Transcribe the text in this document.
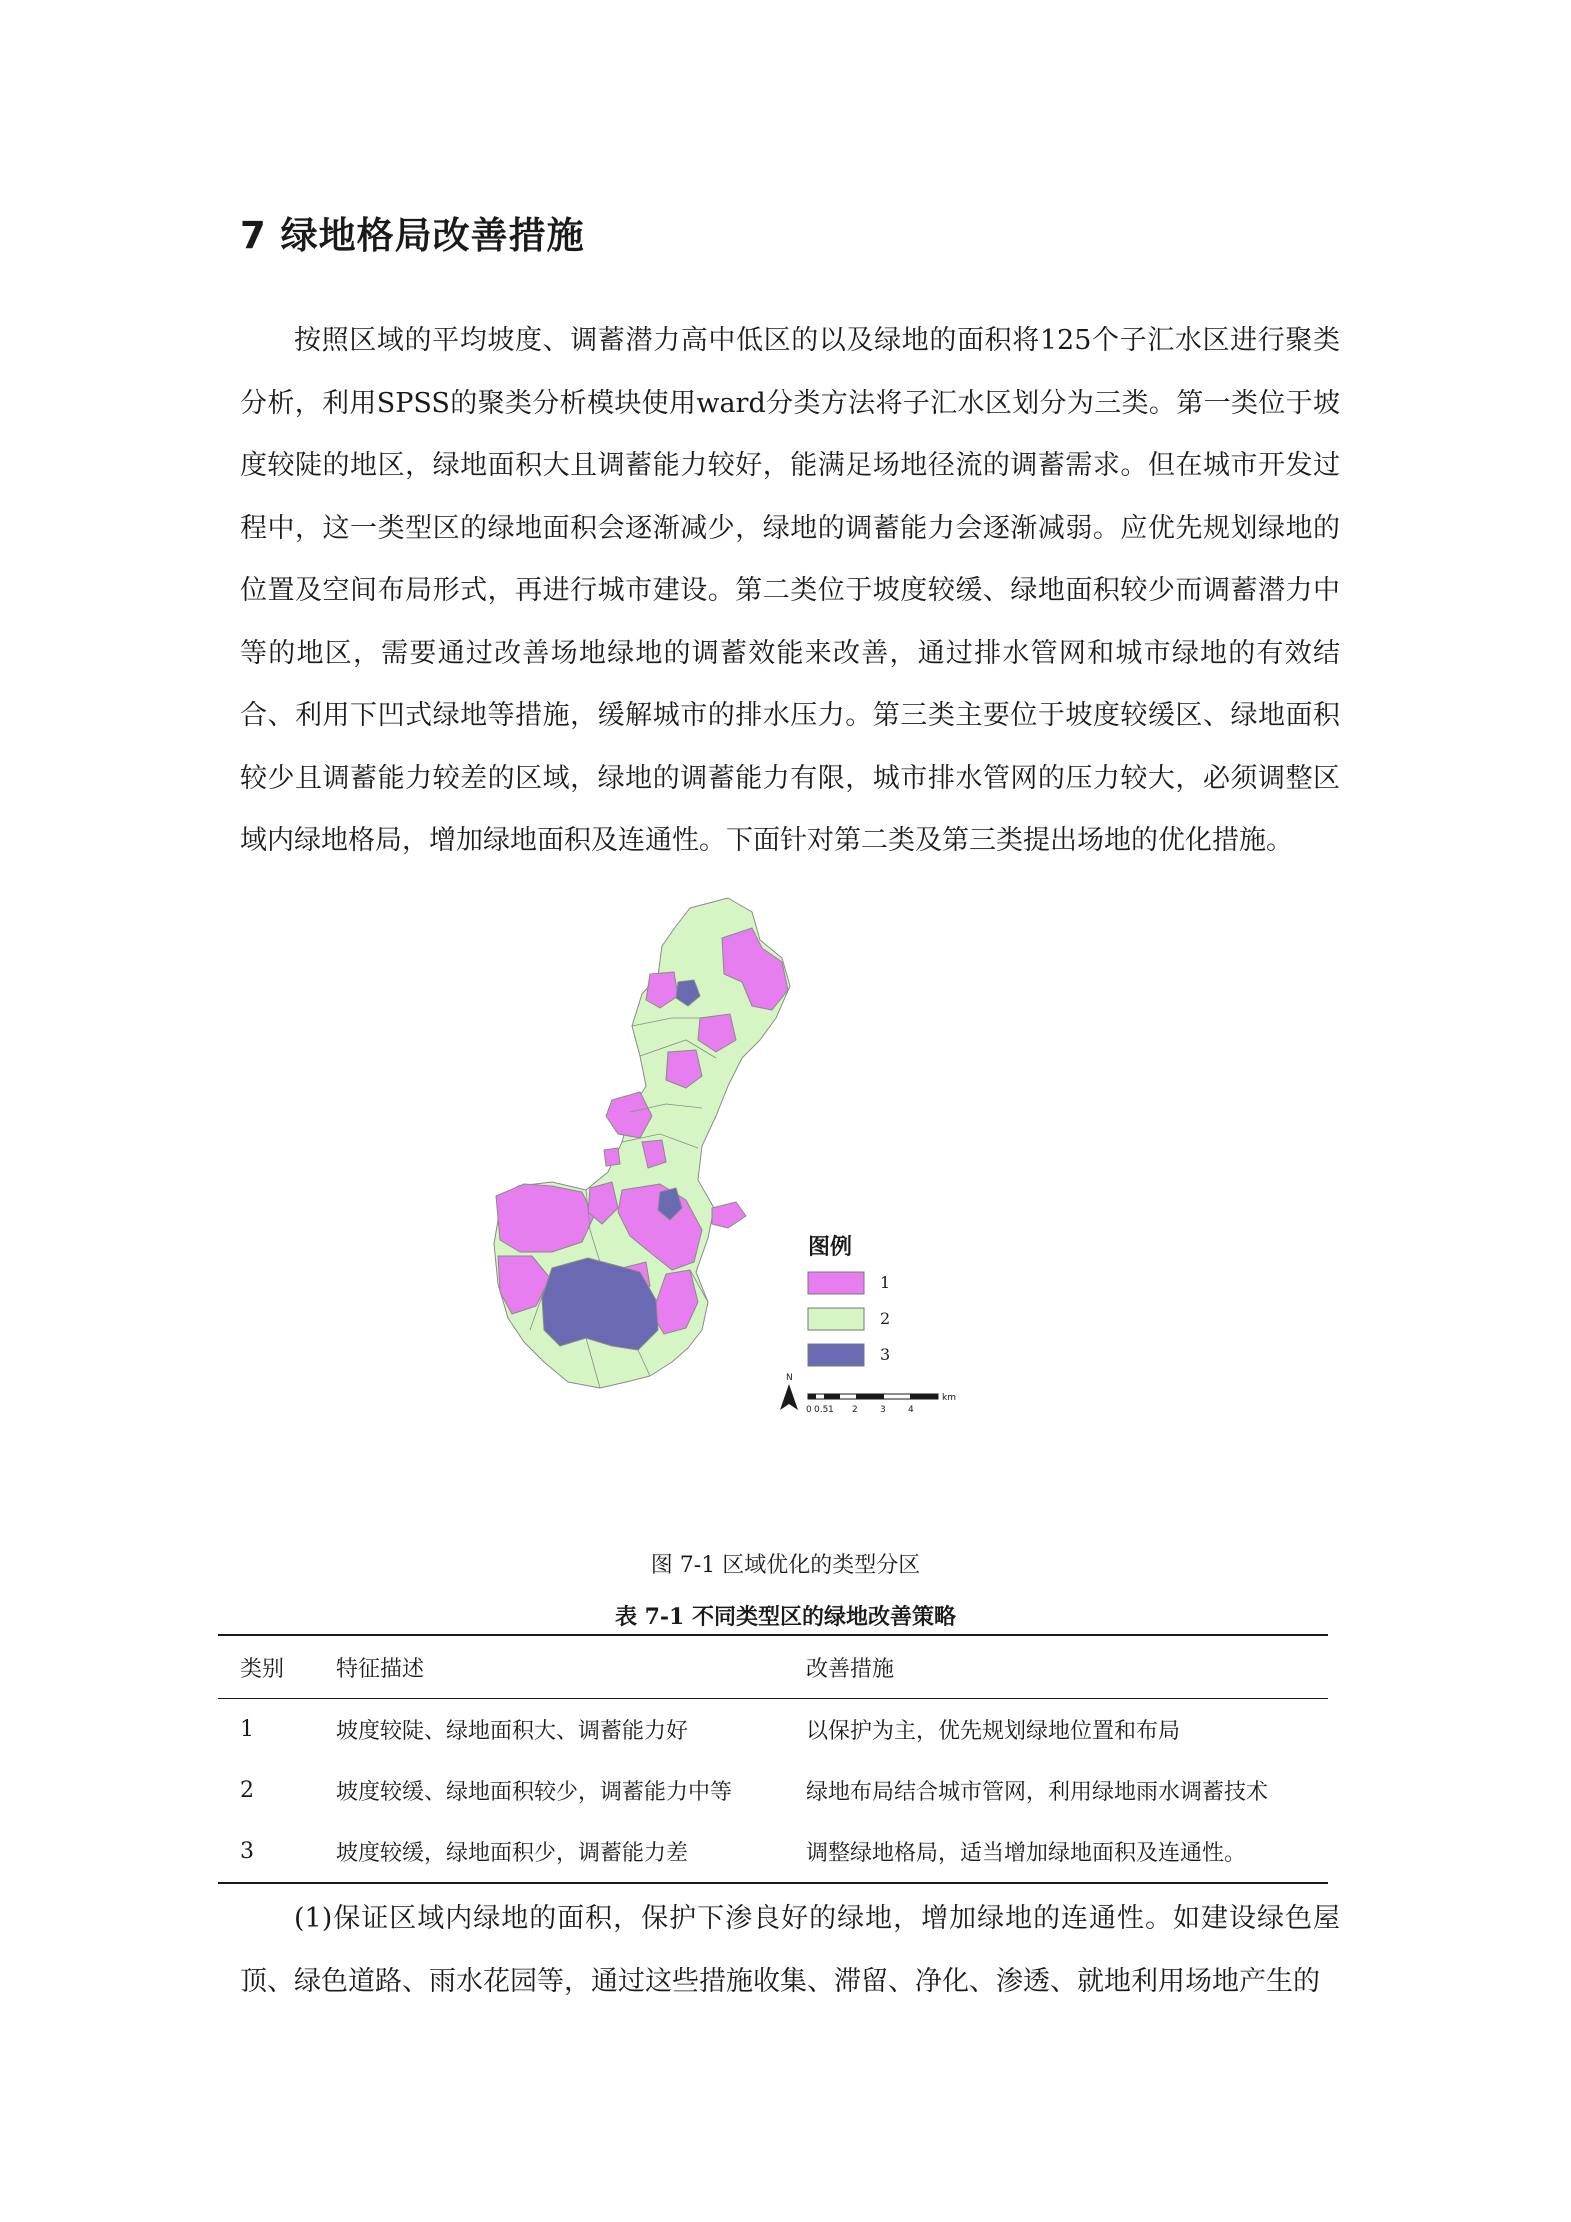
7 绿地格局改善措施

按照区域的平均坡度、调蓄潜力高中低区的以及绿地的面积将125个子汇水区进行聚类分析，利用SPSS的聚类分析模块使用ward分类方法将子汇水区划分为三类。第一类位于坡度较陡的地区，绿地面积大且调蓄能力较好，能满足场地径流的调蓄需求。但在城市开发过程中，这一类型区的绿地面积会逐渐减少，绿地的调蓄能力会逐渐减弱。应优先规划绿地的位置及空间布局形式，再进行城市建设。第二类位于坡度较缓、绿地面积较少而调蓄潜力中等的地区，需要通过改善场地绿地的调蓄效能来改善，通过排水管网和城市绿地的有效结合、利用下凹式绿地等措施，缓解城市的排水压力。第三类主要位于坡度较缓区、绿地面积较少且调蓄能力较差的区域，绿地的调蓄能力有限，城市排水管网的压力较大，必须调整区域内绿地格局，增加绿地面积及连通性。下面针对第二类及第三类提出场地的优化措施。

图例
1
2
3
N
km
0 0.5 1 2 3 4
图 7-1 区域优化的类型分区
表 7-1 不同类型区的绿地改善策略
类别	特征描述	改善措施
1	坡度较陡、绿地面积大、调蓄能力好	以保护为主，优先规划绿地位置和布局
2	坡度较缓、绿地面积较少，调蓄能力中等	绿地布局结合城市管网，利用绿地雨水调蓄技术
3	坡度较缓，绿地面积少，调蓄能力差	调整绿地格局，适当增加绿地面积及连通性。

(1)保证区域内绿地的面积，保护下渗良好的绿地，增加绿地的连通性。如建设绿色屋顶、绿色道路、雨水花园等，通过这些措施收集、滞留、净化、渗透、就地利用场地产生的
